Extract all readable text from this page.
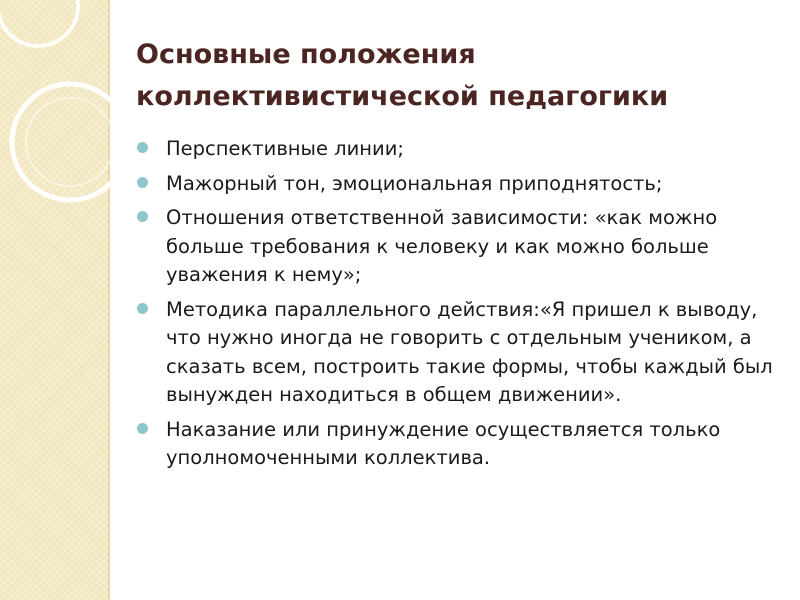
Основные положения
коллективистической педагогики
Перспективные линии;
Мажорный тон, эмоциональная приподнятость;
Отношения ответственной зависимости: «как можно больше требования к человеку и как можно больше уважения к нему»;
Методика параллельного действия:«Я пришел к выводу, что нужно иногда не говорить с отдельным учеником, а сказать всем, построить такие формы, чтобы каждый был вынужден находиться в общем движении».
Наказание или принуждение осуществляется только уполномоченными коллектива.
